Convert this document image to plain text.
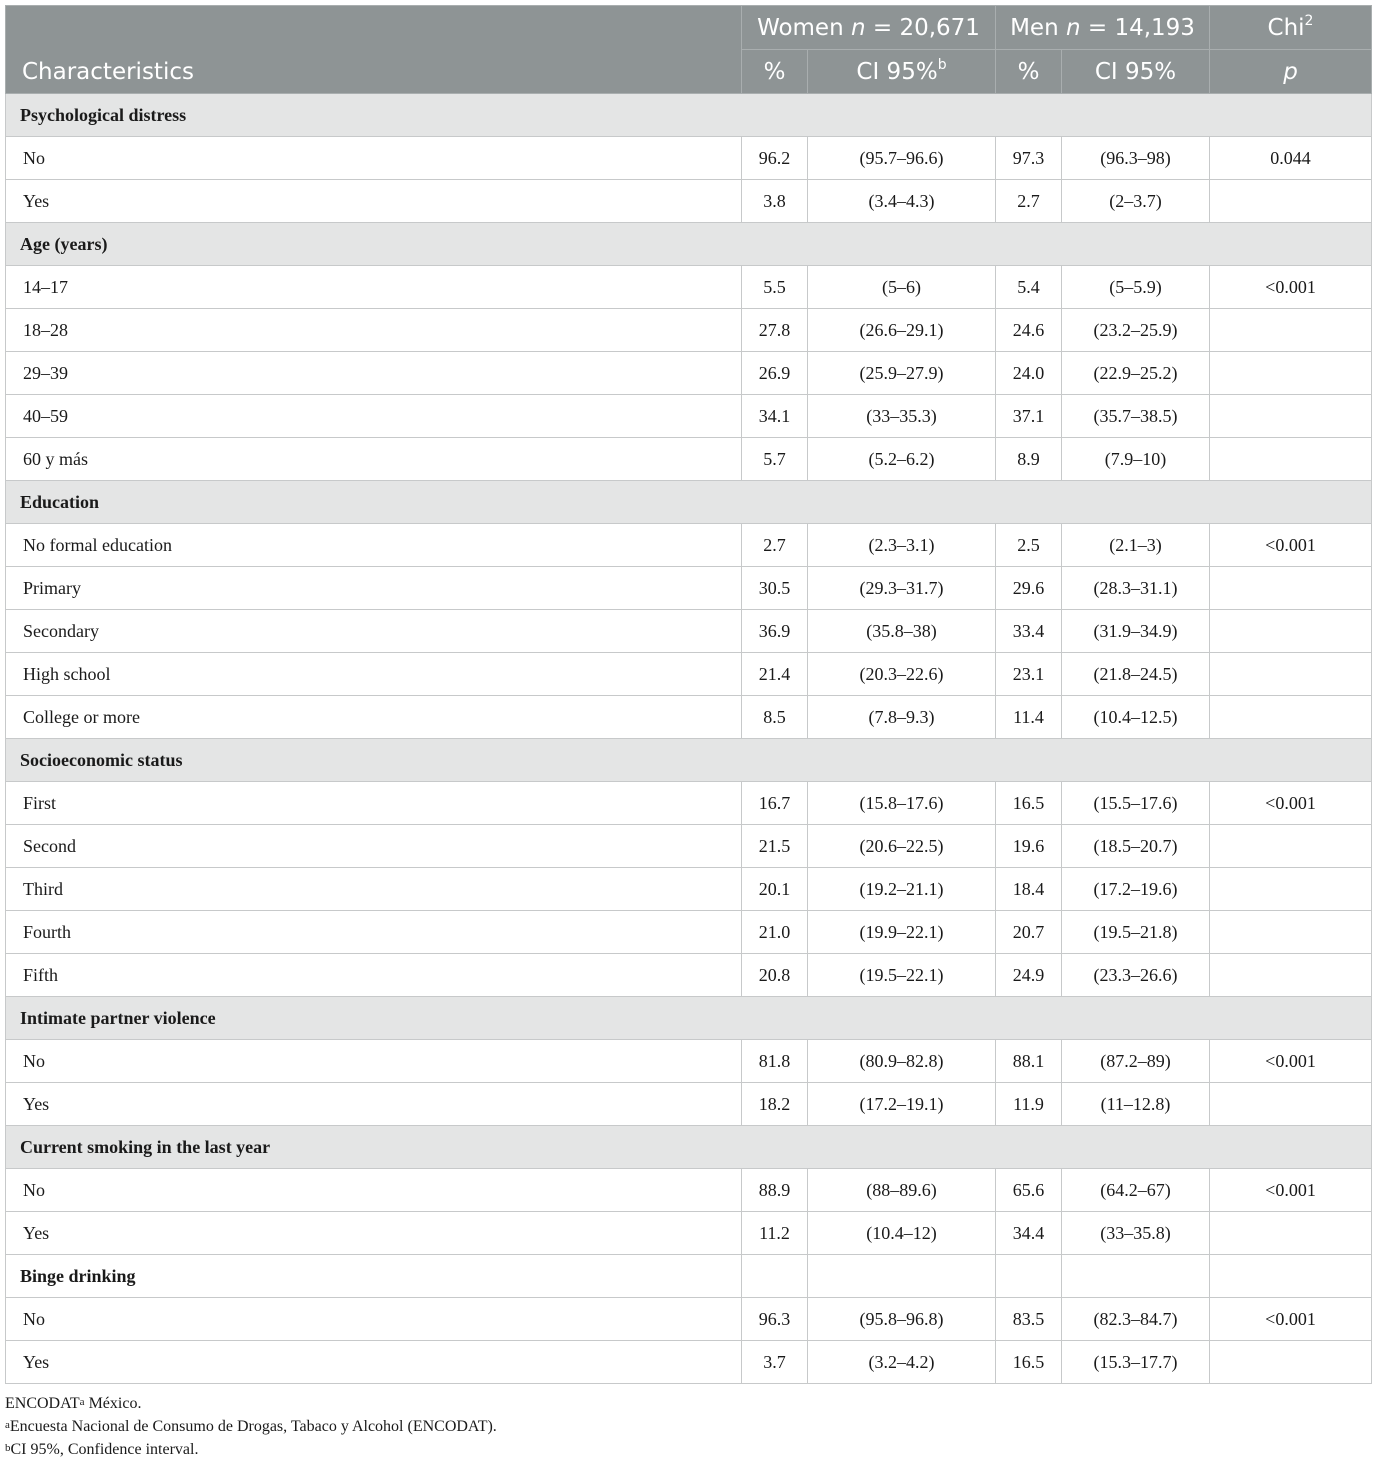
Characteristics	Women n = 20,671		Men n = 14,193		Chi$^2$
	%	CI 95%$^b$	%	CI 95%	p
Psychological distress					
No	96.2	(95.7–96.6)	97.3	(96.3–98)	0.044
Yes	3.8	(3.4–4.3)	2.7	(2–3.7)	
Age (years)					
14–17	5.5	(5–6)	5.4	(5–5.9)	<0.001
18–28	27.8	(26.6–29.1)	24.6	(23.2–25.9)	
29–39	26.9	(25.9–27.9)	24.0	(22.9–25.2)	
40–59	34.1	(33–35.3)	37.1	(35.7–38.5)	
60 y más	5.7	(5.2–6.2)	8.9	(7.9–10)	
Education					
No formal education	2.7	(2.3–3.1)	2.5	(2.1–3)	<0.001
Primary	30.5	(29.3–31.7)	29.6	(28.3–31.1)	
Secondary	36.9	(35.8–38)	33.4	(31.9–34.9)	
High school	21.4	(20.3–22.6)	23.1	(21.8–24.5)	
College or more	8.5	(7.8–9.3)	11.4	(10.4–12.5)	
Socioeconomic status					
First	16.7	(15.8–17.6)	16.5	(15.5–17.6)	<0.001
Second	21.5	(20.6–22.5)	19.6	(18.5–20.7)	
Third	20.1	(19.2–21.1)	18.4	(17.2–19.6)	
Fourth	21.0	(19.9–22.1)	20.7	(19.5–21.8)	
Fifth	20.8	(19.5–22.1)	24.9	(23.3–26.6)	
Intimate partner violence					
No	81.8	(80.9–82.8)	88.1	(87.2–89)	<0.001
Yes	18.2	(17.2–19.1)	11.9	(11–12.8)	
Current smoking in the last year					
No	88.9	(88–89.6)	65.6	(64.2–67)	<0.001
Yes	11.2	(10.4–12)	34.4	(33–35.8)	
Binge drinking					
No	96.3	(95.8–96.8)	83.5	(82.3–84.7)	<0.001
Yes	3.7	(3.2–4.2)	16.5	(15.3–17.7)	
ENCODAT$^a$ México.
$^a$Encuesta Nacional de Consumo de Drogas, Tabaco y Alcohol (ENCODAT).
$^b$CI 95%, Confidence interval.
